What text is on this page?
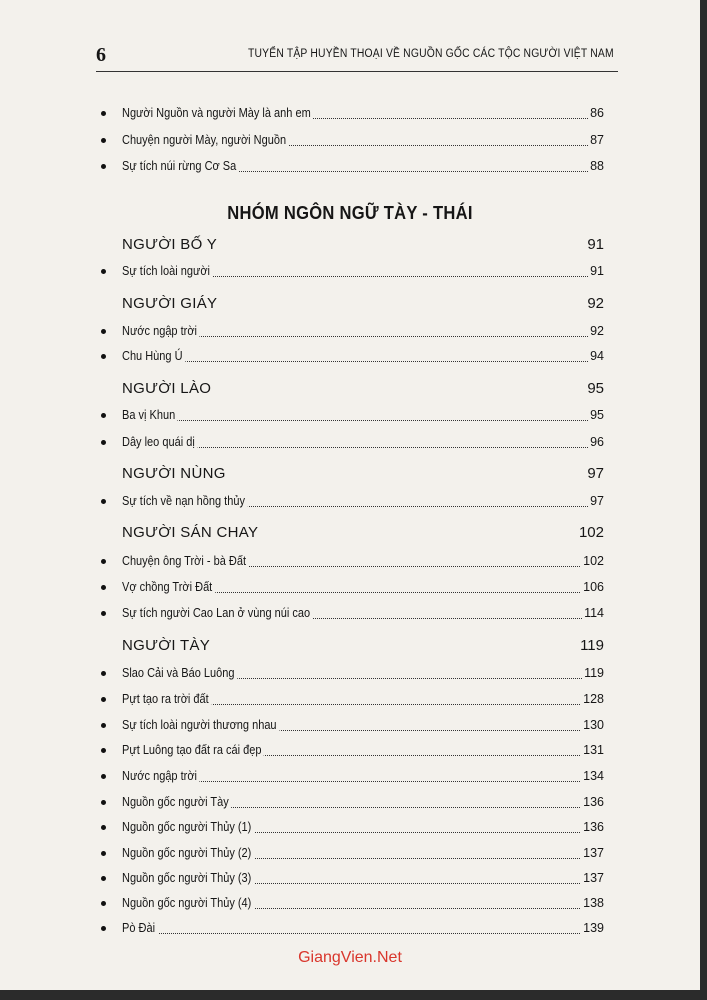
6	TUYỂN TẬP HUYỀN THOẠI VỀ NGUỒN GỐC CÁC TỘC NGƯỜI VIỆT NAM
Người Nguồn và người Mày là anh em	86
Chuyện người Mày, người Nguồn	87
Sự tích núi rừng Cơ Sa	88
NHÓM NGÔN NGỮ TÀY - THÁI
NGƯỜI BỐ Y	91
Sự tích loài người	91
NGƯỜI GIÁY	92
Nước ngập trời	92
Chu Hùng Ú	94
NGƯỜI LÀO	95
Ba vị Khun	95
Dây leo quái dị	96
NGƯỜI NÙNG	97
Sự tích về nạn hồng thủy	97
NGƯỜI SÁN CHAY	102
Chuyện ông Trời - bà Đất	102
Vợ chồng Trời Đất	106
Sự tích người Cao Lan ở vùng núi cao	114
NGƯỜI TÀY	119
Slao Cải và Báo Luông	119
Pựt tạo ra trời đất	128
Sự tích loài người thương nhau	130
Pựt Luông tạo đất ra cái đẹp	131
Nước ngập trời	134
Nguồn gốc người Tày	136
Nguồn gốc người Thủy (1)	136
Nguồn gốc người Thủy (2)	137
Nguồn gốc người Thủy (3)	137
Nguồn gốc người Thủy (4)	138
Pò Đài	139
GiangVien.Net
